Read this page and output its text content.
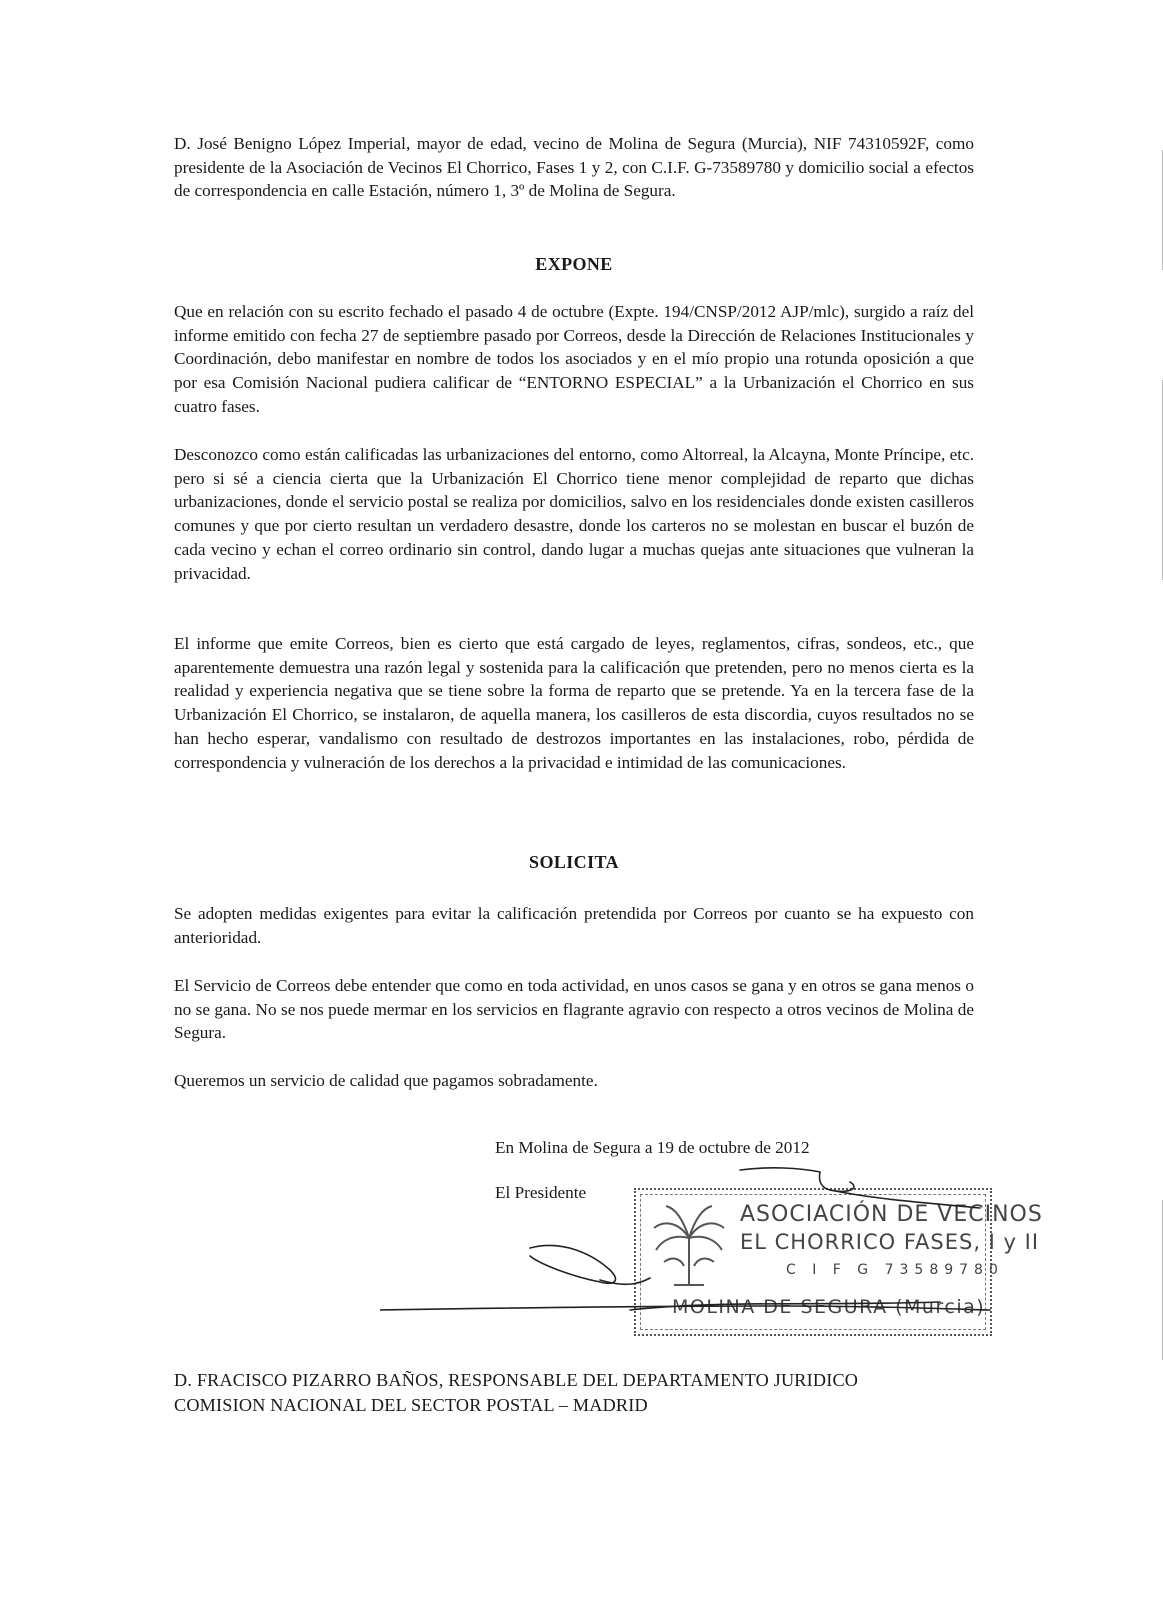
D. José Benigno López Imperial, mayor de edad, vecino de Molina de Segura (Murcia), NIF 74310592F, como presidente de la Asociación de Vecinos El Chorrico, Fases 1 y 2, con C.I.F. G-73589780 y domicilio social a efectos de correspondencia en calle Estación, número 1, 3º de Molina de Segura.

EXPONE

Que en relación con su escrito fechado el pasado 4 de octubre (Expte. 194/CNSP/2012 AJP/mlc), surgido a raíz del informe emitido con fecha 27 de septiembre pasado por Correos, desde la Dirección de Relaciones Institucionales y Coordinación, debo manifestar en nombre de todos los asociados y en el mío propio una rotunda oposición a que por esa Comisión Nacional pudiera calificar de “ENTORNO ESPECIAL” a la Urbanización el Chorrico en sus cuatro fases.

Desconozco como están calificadas las urbanizaciones del entorno, como Altorreal, la Alcayna, Monte Príncipe, etc. pero si sé a ciencia cierta que la Urbanización El Chorrico tiene menor complejidad de reparto que dichas urbanizaciones, donde el servicio postal se realiza por domicilios, salvo en los residenciales donde existen casilleros comunes y que por cierto resultan un verdadero desastre, donde los carteros no se molestan en buscar el buzón de cada vecino y echan el correo ordinario sin control, dando lugar a muchas quejas ante situaciones que vulneran la privacidad.

El informe que emite Correos, bien es cierto que está cargado de leyes, reglamentos, cifras, sondeos, etc., que aparentemente demuestra una razón legal y sostenida para la calificación que pretenden, pero no menos cierta es la realidad y experiencia negativa que se tiene sobre la forma de reparto que se pretende. Ya en la tercera fase de la Urbanización El Chorrico, se instalaron, de aquella manera, los casilleros de esta discordia, cuyos resultados no se han hecho esperar, vandalismo con resultado de destrozos importantes en las instalaciones, robo, pérdida de correspondencia y vulneración de los derechos a la privacidad e intimidad de las comunicaciones.

SOLICITA

Se adopten medidas exigentes para evitar la calificación pretendida por Correos por cuanto se ha expuesto con anterioridad.

El Servicio de Correos debe entender que como en toda actividad, en unos casos se gana y en otros se gana menos o no se gana. No se nos puede mermar en los servicios en flagrante agravio con respecto a otros vecinos de Molina de Segura.

Queremos un servicio de calidad que pagamos sobradamente.

En Molina de Segura a 19 de octubre de 2012
El Presidente
ASOCIACIÓN DE VECINOS
EL CHORRICO FASES, I y II
C I F G 73589780
MOLINA DE SEGURA (Murcia)
D. FRACISCO PIZARRO BAÑOS, RESPONSABLE DEL DEPARTAMENTO JURIDICO
COMISION NACIONAL DEL SECTOR POSTAL – MADRID
